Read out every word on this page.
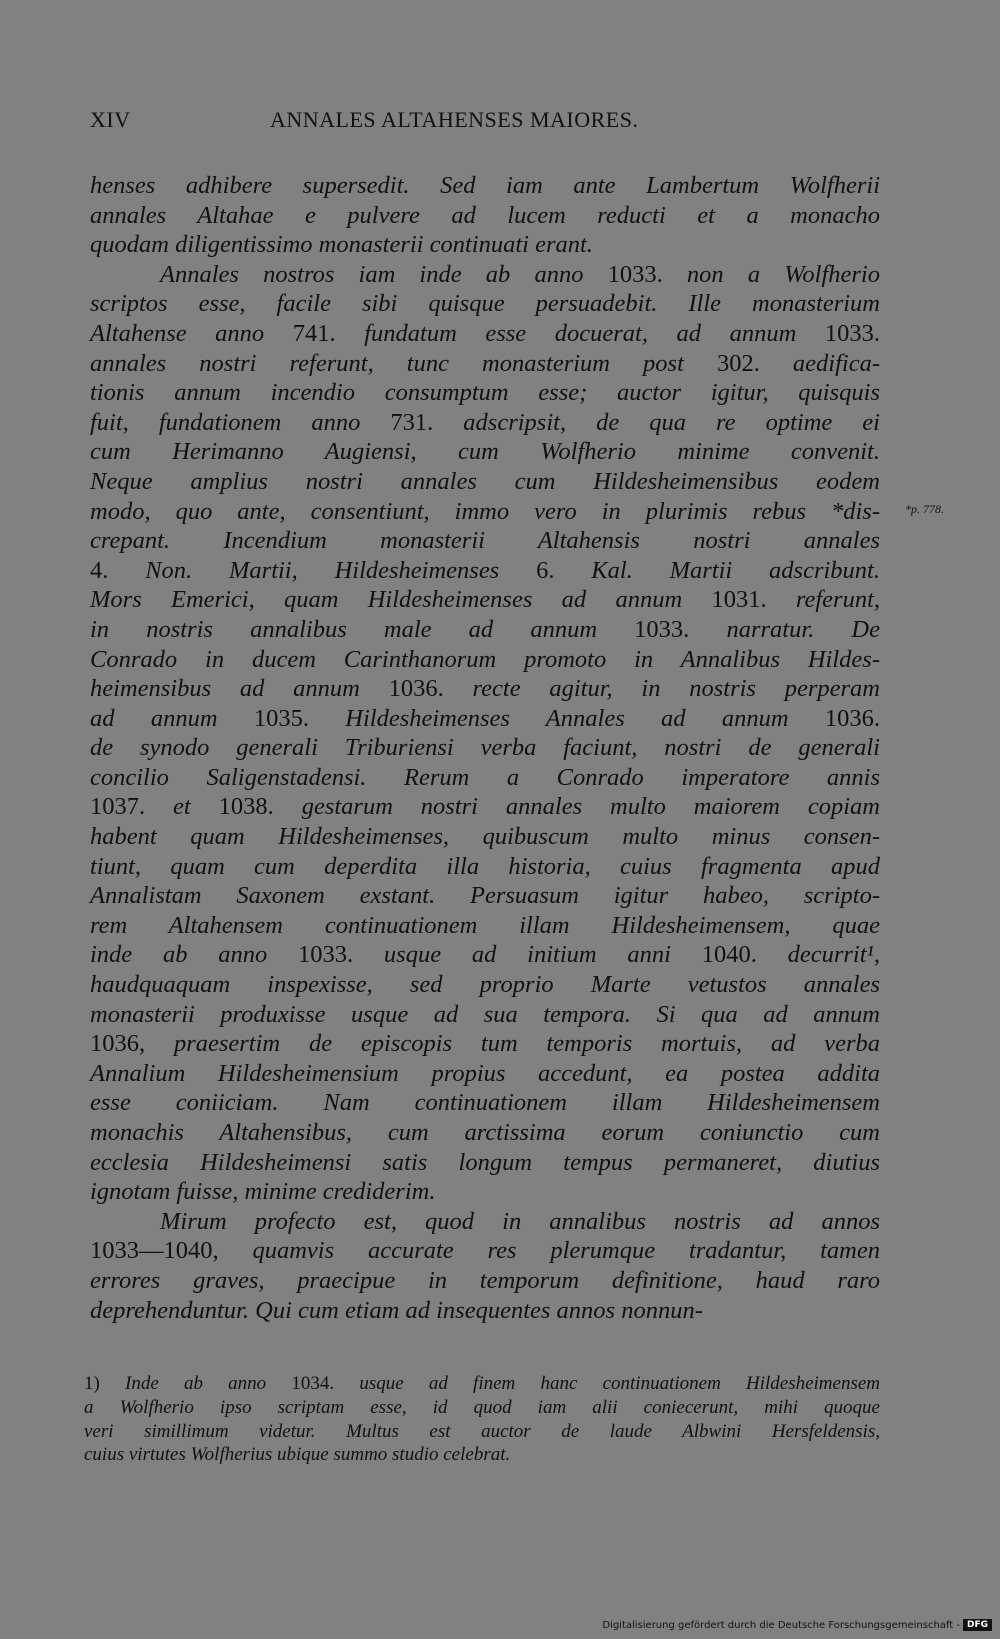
XIV	ANNALES ALTAHENSES MAIORES.
henses adhibere supersedit. Sed iam ante Lambertum Wolfherii
annales Altahae e pulvere ad lucem reducti et a monacho
quodam diligentissimo monasterii continuati erant.
Annales nostros iam inde ab anno 1033. non a Wolfherio
scriptos esse, facile sibi quisque persuadebit. Ille monasterium
Altahense anno 741. fundatum esse docuerat, ad annum 1033.
annales nostri referunt, tunc monasterium post 302. aedifica-
tionis annum incendio consumptum esse; auctor igitur, quisquis
fuit, fundationem anno 731. adscripsit, de qua re optime ei
cum Herimanno Augiensi, cum Wolfherio minime convenit.
Neque amplius nostri annales cum Hildesheimensibus eodem
modo, quo ante, consentiunt, immo vero in plurimis rebus *dis-
crepant. Incendium monasterii Altahensis nostri annales
4. Non. Martii, Hildesheimenses 6. Kal. Martii adscribunt.
Mors Emerici, quam Hildesheimenses ad annum 1031. referunt,
in nostris annalibus male ad annum 1033. narratur. De
Conrado in ducem Carinthanorum promoto in Annalibus Hildes-
heimensibus ad annum 1036. recte agitur, in nostris perperam
ad annum 1035. Hildesheimenses Annales ad annum 1036.
de synodo generali Triburiensi verba faciunt, nostri de generali
concilio Saligenstadensi. Rerum a Conrado imperatore annis
1037. et 1038. gestarum nostri annales multo maiorem copiam
habent quam Hildesheimenses, quibuscum multo minus consen-
tiunt, quam cum deperdita illa historia, cuius fragmenta apud
Annalistam Saxonem exstant. Persuasum igitur habeo, scripto-
rem Altahensem continuationem illam Hildesheimensem, quae
inde ab anno 1033. usque ad initium anni 1040. decurrit¹,
haudquaquam inspexisse, sed proprio Marte vetustos annales
monasterii produxisse usque ad sua tempora. Si qua ad annum
1036, praesertim de episcopis tum temporis mortuis, ad verba
Annalium Hildesheimensium propius accedunt, ea postea addita
esse coniiciam. Nam continuationem illam Hildesheimensem
monachis Altahensibus, cum arctissima eorum coniunctio cum
ecclesia Hildesheimensi satis longum tempus permaneret, diutius
ignotam fuisse, minime crediderim.
Mirum profecto est, quod in annalibus nostris ad annos
1033—1040, quamvis accurate res plerumque tradantur, tamen
errores graves, praecipue in temporum definitione, haud raro
deprehenduntur. Qui cum etiam ad insequentes annos nonnun-
*p. 778.
1) Inde ab anno 1034. usque ad finem hanc continuationem Hildesheimensem
a Wolfherio ipso scriptam esse, id quod iam alii coniecerunt, mihi quoque
veri simillimum videtur. Multus est auctor de laude Albwini Hersfeldensis,
cuius virtutes Wolfherius ubique summo studio celebrat.
Digitalisierung gefördert durch die Deutsche Forschungsgemeinschaft - DFG
